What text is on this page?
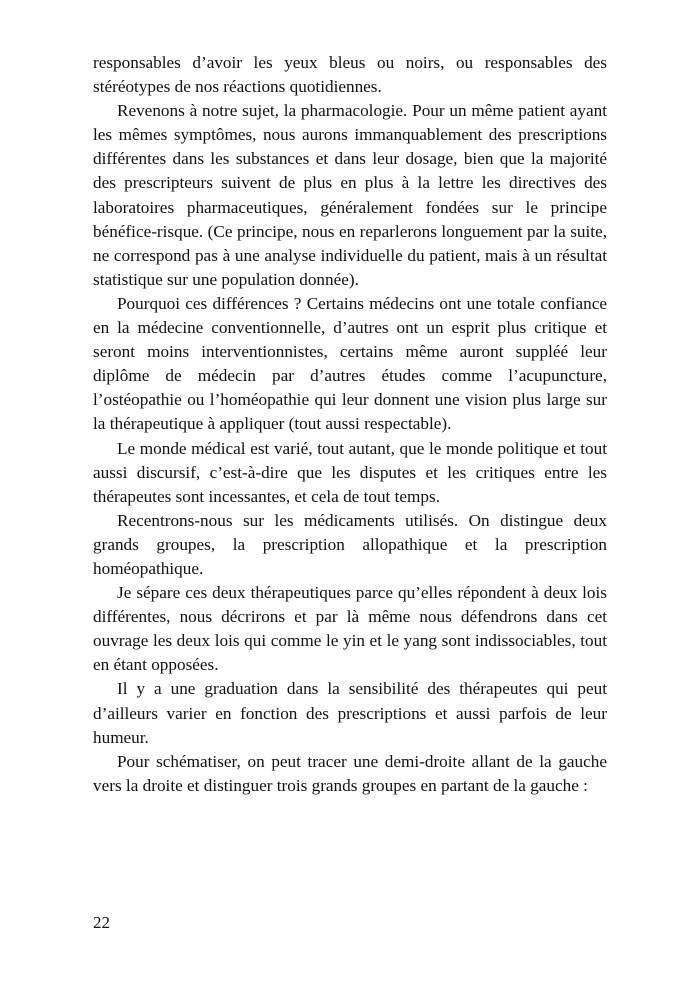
responsables d’avoir les yeux bleus ou noirs, ou responsables des stéréotypes de nos réactions quotidiennes.

Revenons à notre sujet, la pharmacologie. Pour un même patient ayant les mêmes symptômes, nous aurons immanquablement des prescriptions différentes dans les substances et dans leur dosage, bien que la majorité des prescripteurs suivent de plus en plus à la lettre les directives des laboratoires pharmaceutiques, généralement fondées sur le principe bénéfice-risque. (Ce principe, nous en reparlerons longuement par la suite, ne correspond pas à une analyse individuelle du patient, mais à un résultat statistique sur une population donnée).

Pourquoi ces différences ? Certains médecins ont une totale confiance en la médecine conventionnelle, d’autres ont un esprit plus critique et seront moins interventionnistes, certains même auront suppléé leur diplôme de médecin par d’autres études comme l’acupuncture, l’ostéopathie ou l’homéopathie qui leur donnent une vision plus large sur la thérapeutique à appliquer (tout aussi respectable).

Le monde médical est varié, tout autant, que le monde politique et tout aussi discursif, c’est-à-dire que les disputes et les critiques entre les thérapeutes sont incessantes, et cela de tout temps.

Recentrons-nous sur les médicaments utilisés. On distingue deux grands groupes, la prescription allopathique et la prescription homéopathique.

Je sépare ces deux thérapeutiques parce qu’elles répondent à deux lois différentes, nous décrirons et par là même nous défendrons dans cet ouvrage les deux lois qui comme le yin et le yang sont indissociables, tout en étant opposées.

Il y a une graduation dans la sensibilité des thérapeutes qui peut d’ailleurs varier en fonction des prescriptions et aussi parfois de leur humeur.

Pour schématiser, on peut tracer une demi-droite allant de la gauche vers la droite et distinguer trois grands groupes en partant de la gauche :

22
